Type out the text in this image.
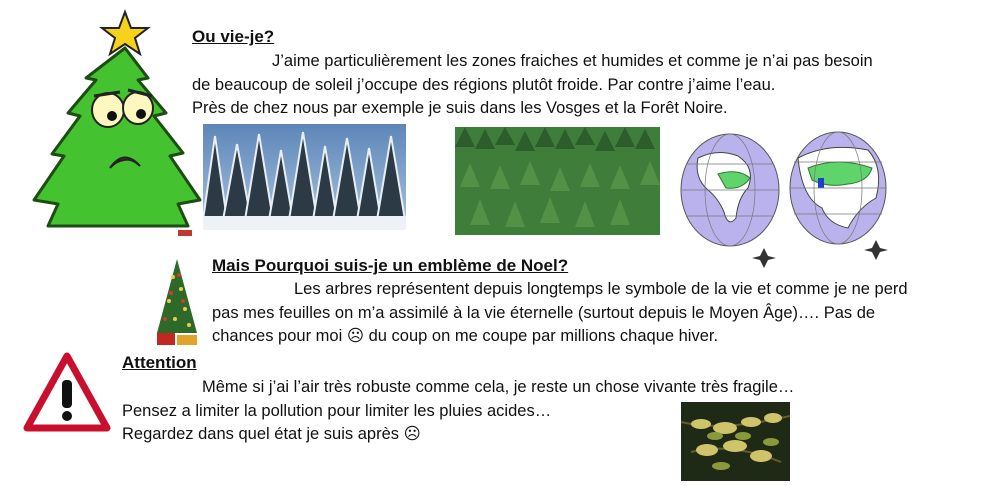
Ou vie-je?
J’aime particulièrement les zones fraiches et humides et comme je n’ai pas besoin
de beaucoup de soleil j’occupe des régions plutôt froide. Par contre j’aime l’eau.
Près de chez nous par exemple je suis dans les Vosges et la Forêt Noire.
Mais Pourquoi suis-je un emblème de Noel?
Les arbres représentent depuis longtemps le symbole de la vie et comme je ne perd
pas mes feuilles on m’a assimilé à la vie éternelle (surtout depuis le Moyen Âge)…. Pas de
chances pour moi ☹ du coup on me coupe par millions chaque hiver.
Attention
Même si j’ai l’air très robuste comme cela, je reste un chose vivante très fragile…
Pensez a limiter la pollution pour limiter les pluies acides…
Regardez dans quel état je suis après ☹
